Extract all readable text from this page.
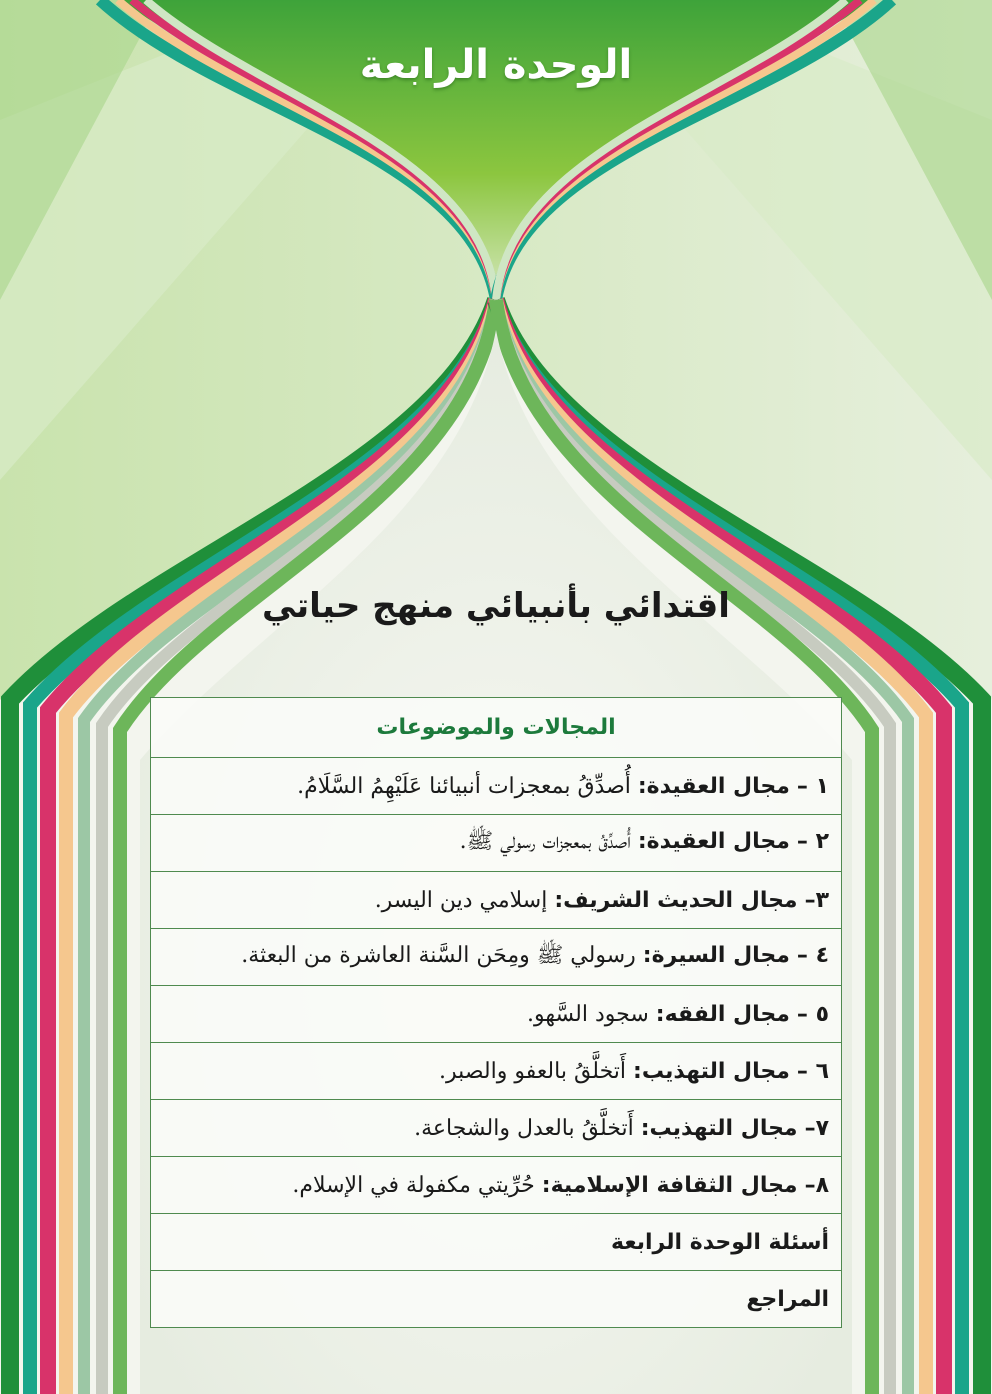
الوحدة الرابعة
اقتدائي بأنبيائي منهج حياتي
المجالات والموضوعات
١ – مجال العقيدة: أُصدِّقُ بمعجزات أنبيائنا عَلَيْهِمُ السَّلَامُ.
٢ – مجال العقيدة: أُصدِّقُ بمعجزات رسولي ﷺ.
٣– مجال الحديث الشريف: إسلامي دين اليسر.
٤ – مجال السيرة: رسولي ﷺ ومِحَن السَّنة العاشرة من البعثة.
٥ – مجال الفقه: سجود السَّهو.
٦ – مجال التهذيب: أَتخلَّقُ بالعفو والصبر.
٧– مجال التهذيب: أَتخلَّقُ بالعدل والشجاعة.
٨– مجال الثقافة الإسلامية: حُرِّيتي مكفولة في الإسلام.
أسئلة الوحدة الرابعة
المراجع
